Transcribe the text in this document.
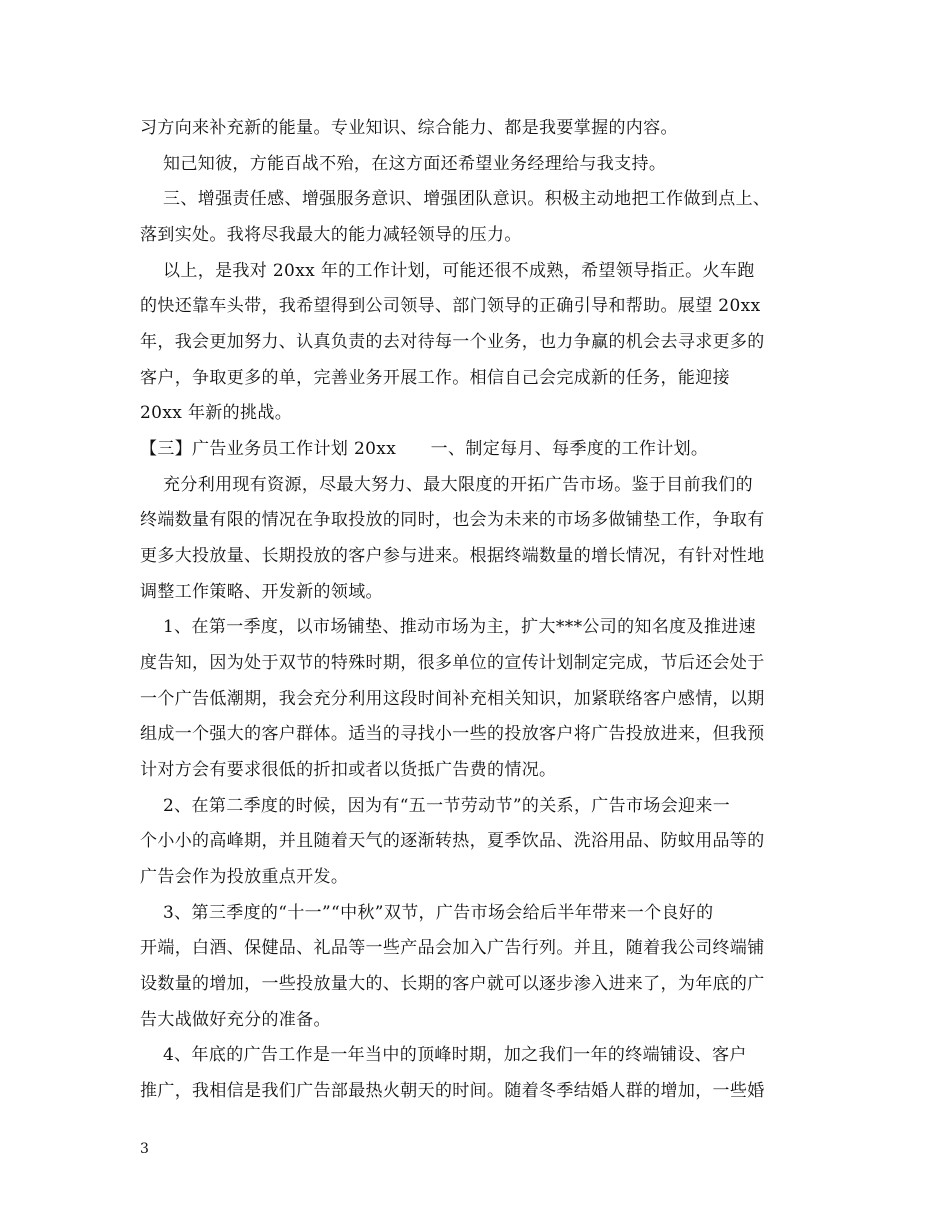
习方向来补充新的能量。专业知识、综合能力、都是我要掌握的内容。
知己知彼，方能百战不殆，在这方面还希望业务经理给与我支持。
三、增强责任感、增强服务意识、增强团队意识。积极主动地把工作做到点上、
落到实处。我将尽我最大的能力减轻领导的压力。
以上，是我对 20xx 年的工作计划，可能还很不成熟，希望领导指正。火车跑
的快还靠车头带，我希望得到公司领导、部门领导的正确引导和帮助。展望 20xx
年，我会更加努力、认真负责的去对待每一个业务，也力争赢的机会去寻求更多的
客户，争取更多的单，完善业务开展工作。相信自己会完成新的任务，能迎接
20xx 年新的挑战。
【三】广告业务员工作计划 20xx      一、制定每月、每季度的工作计划。
充分利用现有资源，尽最大努力、最大限度的开拓广告市场。鉴于目前我们的
终端数量有限的情况在争取投放的同时，也会为未来的市场多做铺垫工作，争取有
更多大投放量、长期投放的客户参与进来。根据终端数量的增长情况，有针对性地
调整工作策略、开发新的领域。
1、在第一季度，以市场铺垫、推动市场为主，扩大***公司的知名度及推进速
度告知，因为处于双节的特殊时期，很多单位的宣传计划制定完成，节后还会处于
一个广告低潮期，我会充分利用这段时间补充相关知识，加紧联络客户感情，以期
组成一个强大的客户群体。适当的寻找小一些的投放客户将广告投放进来，但我预
计对方会有要求很低的折扣或者以货抵广告费的情况。
2、在第二季度的时候，因为有“五一节劳动节”的关系，广告市场会迎来一
个小小的高峰期，并且随着天气的逐渐转热，夏季饮品、洗浴用品、防蚊用品等的
广告会作为投放重点开发。
3、第三季度的“十一”“中秋”双节，广告市场会给后半年带来一个良好的
开端，白酒、保健品、礼品等一些产品会加入广告行列。并且，随着我公司终端铺
设数量的增加，一些投放量大的、长期的客户就可以逐步渗入进来了，为年底的广
告大战做好充分的准备。
4、年底的广告工作是一年当中的顶峰时期，加之我们一年的终端铺设、客户
推广，我相信是我们广告部最热火朝天的时间。随着冬季结婚人群的增加，一些婚
3
